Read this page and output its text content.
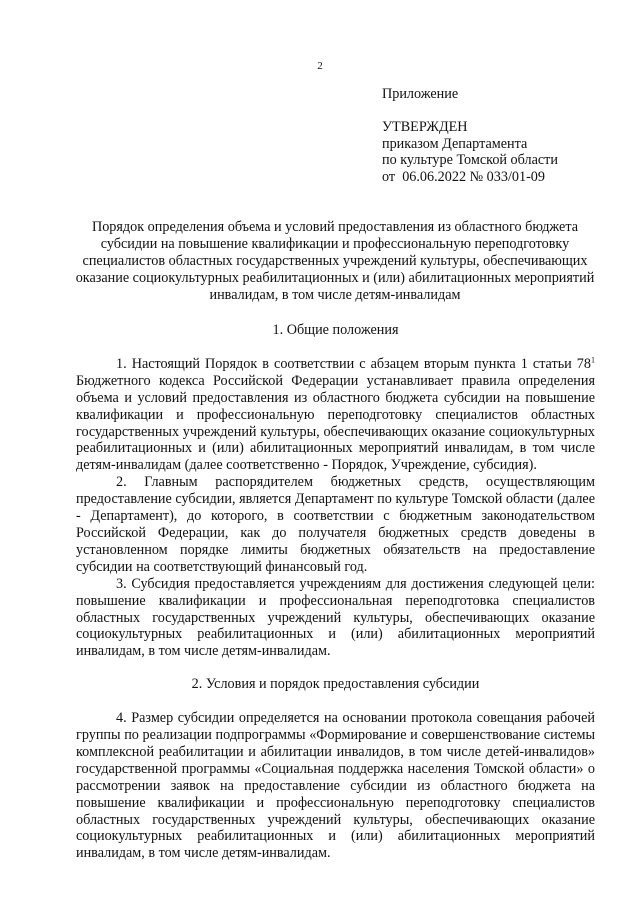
2
Приложение
УТВЕРЖДЕН
приказом Департамента
по культуре Томской области
от  06.06.2022 № 033/01-09
Порядок определения объема и условий предоставления из областного бюджета субсидии на повышение квалификации и профессиональную переподготовку специалистов областных государственных учреждений культуры, обеспечивающих оказание социокультурных реабилитационных и (или) абилитационных мероприятий инвалидам, в том числе детям-инвалидам

1. Общие положения

1. Настоящий Порядок в соответствии с абзацем вторым пункта 1 статьи $78^1$ Бюджетного кодекса Российской Федерации устанавливает правила определения объема и условий предоставления из областного бюджета субсидии на повышение квалификации и профессиональную переподготовку специалистов областных государственных учреждений культуры, обеспечивающих оказание социокультурных реабилитационных и (или) абилитационных мероприятий инвалидам, в том числе детям-инвалидам (далее соответственно - Порядок, Учреждение, субсидия).

2. Главным распорядителем бюджетных средств, осуществляющим предоставление субсидии, является Департамент по культуре Томской области (далее - Департамент), до которого, в соответствии с бюджетным законодательством Российской Федерации, как до получателя бюджетных средств доведены в установленном порядке лимиты бюджетных обязательств на предоставление субсидии на соответствующий финансовый год.

3. Субсидия предоставляется учреждениям для достижения следующей цели: повышение квалификации и профессиональная переподготовка специалистов областных государственных учреждений культуры, обеспечивающих оказание социокультурных реабилитационных и (или) абилитационных мероприятий инвалидам, в том числе детям-инвалидам.

2. Условия и порядок предоставления субсидии

4. Размер субсидии определяется на основании протокола совещания рабочей группы по реализации подпрограммы «Формирование и совершенствование системы комплексной реабилитации и абилитации инвалидов, в том числе детей-инвалидов» государственной программы «Социальная поддержка населения Томской области» о рассмотрении заявок на предоставление субсидии из областного бюджета на повышение квалификации и профессиональную переподготовку специалистов областных государственных учреждений культуры, обеспечивающих оказание социокультурных реабилитационных и (или) абилитационных мероприятий инвалидам, в том числе детям-инвалидам.
